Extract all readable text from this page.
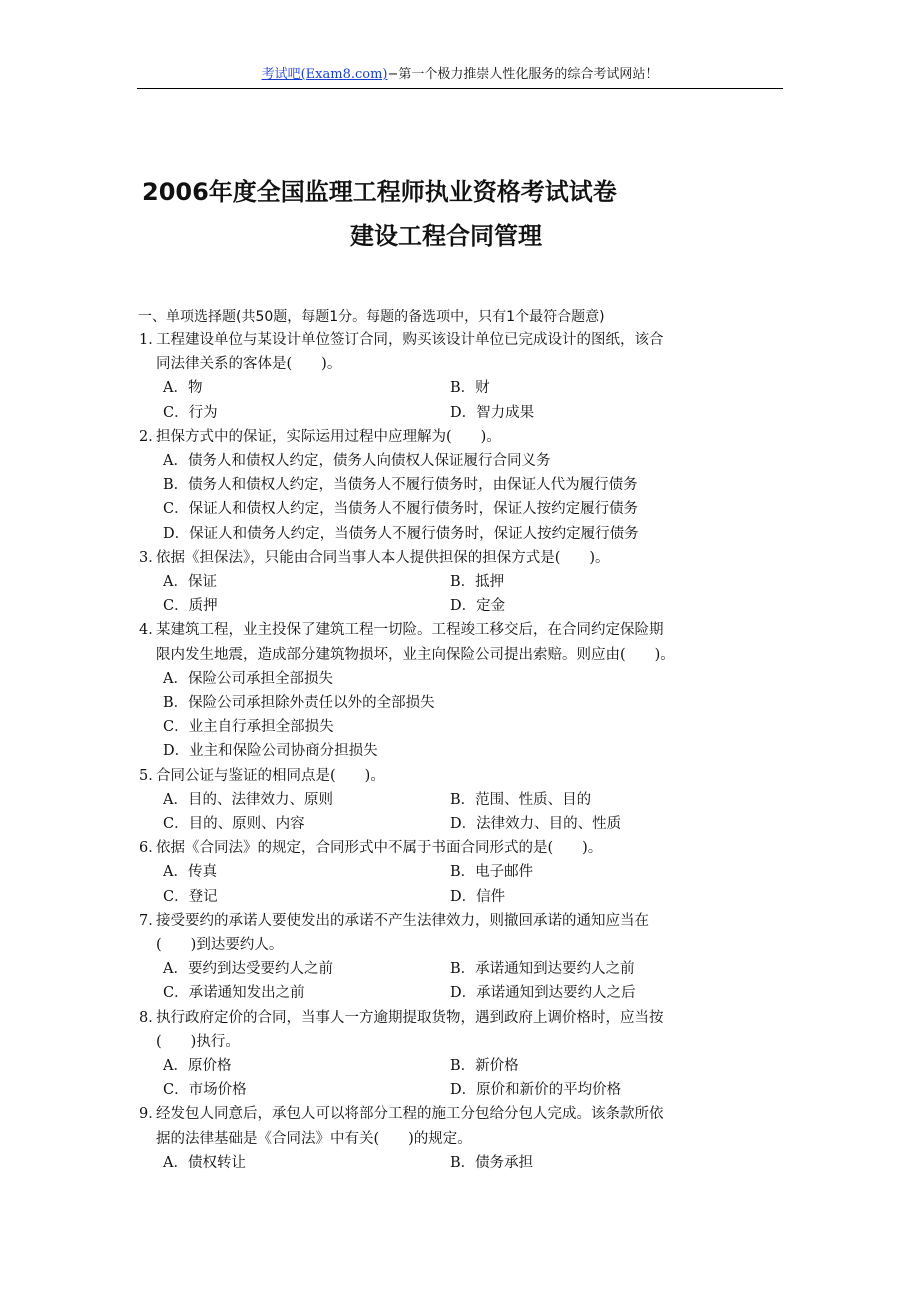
考试吧(Exam8.com)−第一个极力推崇人性化服务的综合考试网站！
2006年度全国监理工程师执业资格考试试卷
建设工程合同管理
一、单项选择题(共50题，每题1分。每题的备选项中，只有1个最符合题意)
1．
工程建设单位与某设计单位签订合同，购买该设计单位已完成设计的图纸，该合
同法律关系的客体是(　　)。
A．物	B．财
C．行为	D．智力成果
2．
担保方式中的保证，实际运用过程中应理解为(　　)。
A．债务人和债权人约定，债务人向债权人保证履行合同义务
B．债务人和债权人约定，当债务人不履行债务时，由保证人代为履行债务
C．保证人和债权人约定，当债务人不履行债务时，保证人按约定履行债务
D．保证人和债务人约定，当债务人不履行债务时，保证人按约定履行债务
3．
依据《担保法》，只能由合同当事人本人提供担保的担保方式是(　　)。
A．保证	B．抵押
C．质押	D．定金
4．
某建筑工程，业主投保了建筑工程一切险。工程竣工移交后，在合同约定保险期
限内发生地震，造成部分建筑物损坏，业主向保险公司提出索赔。则应由(　　)。
A．保险公司承担全部损失
B．保险公司承担除外责任以外的全部损失
C．业主自行承担全部损失
D．业主和保险公司协商分担损失
5．
合同公证与鉴证的相同点是(　　)。
A．目的、法律效力、原则	B．范围、性质、目的
C．目的、原则、内容	D．法律效力、目的、性质
6．
依据《合同法》的规定，合同形式中不属于书面合同形式的是(　　)。
A．传真	B．电子邮件
C．登记	D．信件
7．
接受要约的承诺人要使发出的承诺不产生法律效力，则撤回承诺的通知应当在
(　　)到达要约人。
A．要约到达受要约人之前	B．承诺通知到达要约人之前
C．承诺通知发出之前	D．承诺通知到达要约人之后
8．
执行政府定价的合同，当事人一方逾期提取货物，遇到政府上调价格时，应当按
(　　)执行。
A．原价格	B．新价格
C．市场价格	D．原价和新价的平均价格
9．
经发包人同意后，承包人可以将部分工程的施工分包给分包人完成。该条款所依
据的法律基础是《合同法》中有关(　　)的规定。
A．债权转让	B．债务承担
